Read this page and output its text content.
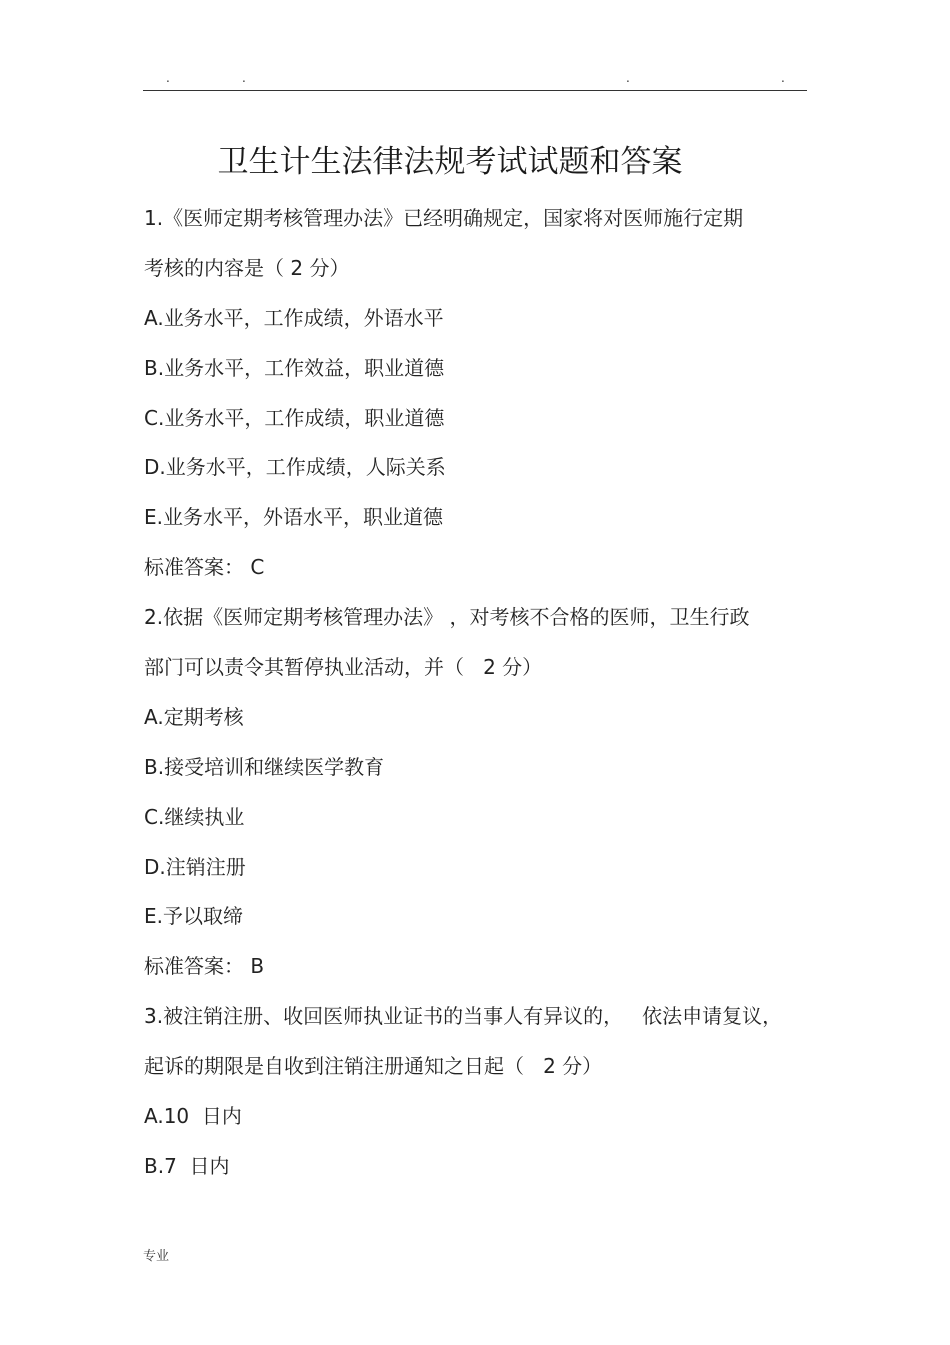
.	.	.	.
卫生计生法律法规考试试题和答案
1.《医师定期考核管理办法》已经明确规定，国家将对医师施行定期
考核的内容是（ 2 分）
A.业务水平，工作成绩，外语水平
B.业务水平，工作效益，职业道德
C.业务水平，工作成绩，职业道德
D.业务水平，工作成绩，人际关系
E.业务水平，外语水平，职业道德
标准答案： C
2.依据《医师定期考核管理办法》 ，对考核不合格的医师，卫生行政
部门可以责令其暂停执业活动，并（   2 分）
A.定期考核
B.接受培训和继续医学教育
C.继续执业
D.注销注册
E.予以取缔
标准答案： B
3.被注销注册、收回医师执业证书的当事人有异议的，   依法申请复议，
起诉的期限是自收到注销注册通知之日起（   2 分）
A.10  日内
B.7  日内
专业
